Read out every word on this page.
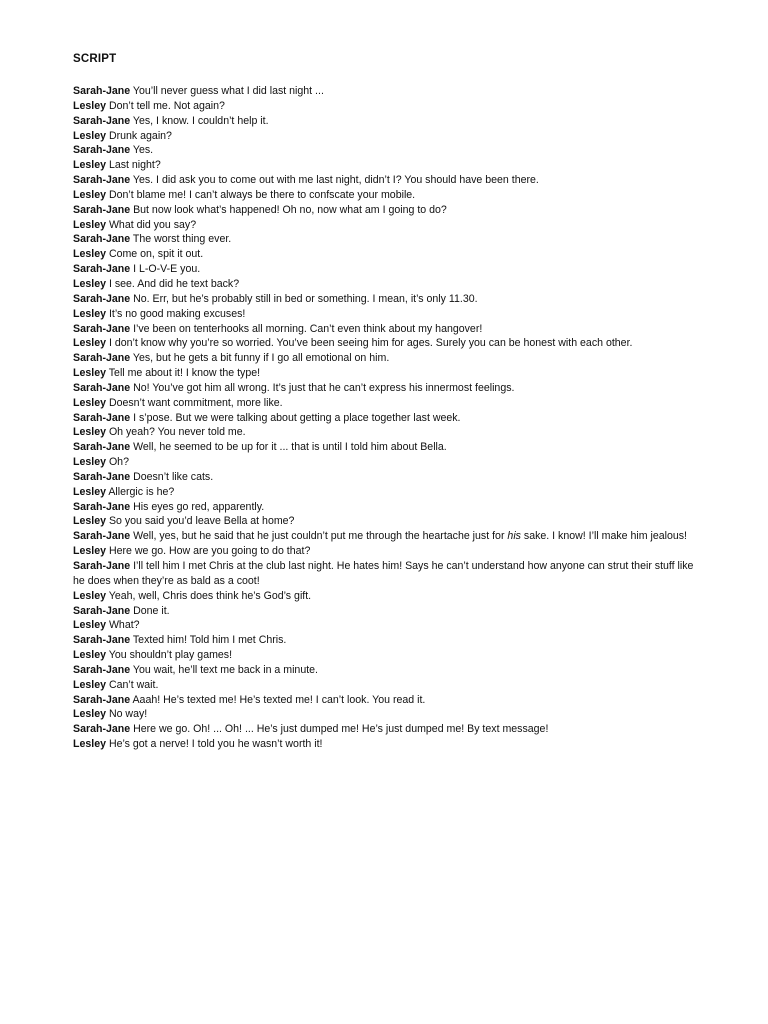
SCRIPT
Sarah-Jane You’ll never guess what I did last night ...
Lesley Don’t tell me. Not again?
Sarah-Jane Yes, I know. I couldn’t help it.
Lesley Drunk again?
Sarah-Jane Yes.
Lesley Last night?
Sarah-Jane Yes. I did ask you to come out with me last night, didn’t I? You should have been there.
Lesley Don’t blame me! I can’t always be there to confscate your mobile.
Sarah-Jane But now look what’s happened! Oh no, now what am I going to do?
Lesley What did you say?
Sarah-Jane The worst thing ever.
Lesley Come on, spit it out.
Sarah-Jane I L-O-V-E you.
Lesley I see. And did he text back?
Sarah-Jane No. Err, but he’s probably still in bed or something. I mean, it’s only 11.30.
Lesley It’s no good making excuses!
Sarah-Jane I’ve been on tenterhooks all morning. Can’t even think about my hangover!
Lesley I don’t know why you’re so worried. You’ve been seeing him for ages. Surely you can be honest with each other.
Sarah-Jane Yes, but he gets a bit funny if I go all emotional on him.
Lesley Tell me about it! I know the type!
Sarah-Jane No! You’ve got him all wrong. It’s just that he can’t express his innermost feelings.
Lesley Doesn’t want commitment, more like.
Sarah-Jane I s’pose. But we were talking about getting a place together last week.
Lesley Oh yeah? You never told me.
Sarah-Jane Well, he seemed to be up for it ... that is until I told him about Bella.
Lesley Oh?
Sarah-Jane Doesn’t like cats.
Lesley Allergic is he?
Sarah-Jane His eyes go red, apparently.
Lesley So you said you’d leave Bella at home?
Sarah-Jane Well, yes, but he said that he just couldn’t put me through the heartache just for his sake. I know! I’ll make him jealous!
Lesley Here we go. How are you going to do that?
Sarah-Jane I’ll tell him I met Chris at the club last night. He hates him! Says he can’t understand how anyone can strut their stuff like he does when they’re as bald as a coot!
Lesley Yeah, well, Chris does think he’s God’s gift.
Sarah-Jane Done it.
Lesley What?
Sarah-Jane Texted him! Told him I met Chris.
Lesley You shouldn’t play games!
Sarah-Jane You wait, he’ll text me back in a minute.
Lesley Can’t wait.
Sarah-Jane Aaah! He’s texted me! He’s texted me! I can’t look. You read it.
Lesley No way!
Sarah-Jane Here we go. Oh! ... Oh! ... He’s just dumped me! He’s just dumped me! By text message!
Lesley He’s got a nerve! I told you he wasn’t worth it!
